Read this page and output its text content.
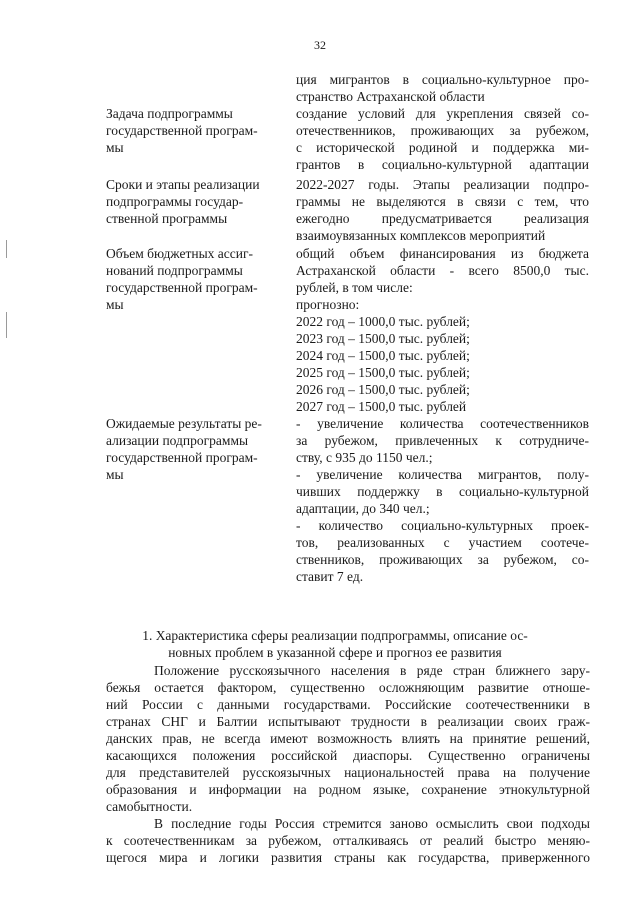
32

ция мигрантов в социально-культурное про-
странство Астраханской области

Задача подпрограммы
государственной програм-
мы

создание условий для укрепления связей со-
отечественников, проживающих за рубежом,
с исторической родиной и поддержка ми-
грантов в социально-культурной адаптации

Сроки и этапы реализации
подпрограммы государ-
ственной программы

2022-2027 годы. Этапы реализации подпро-
граммы не выделяются в связи с тем, что
ежегодно предусматривается реализация
взаимоувязанных комплексов мероприятий

Объем бюджетных ассиг-
нований подпрограммы
государственной програм-
мы

общий объем финансирования из бюджета
Астраханской области - всего 8500,0 тыс.
рублей, в том числе:
прогнозно:
2022 год – 1000,0 тыс. рублей;
2023 год – 1500,0 тыс. рублей;
2024 год – 1500,0 тыс. рублей;
2025 год – 1500,0 тыс. рублей;
2026 год – 1500,0 тыс. рублей;
2027 год – 1500,0 тыс. рублей

Ожидаемые результаты ре-
ализации подпрограммы
государственной програм-
мы

- увеличение количества соотечественников
за рубежом, привлеченных к сотрудниче-
ству, с 935 до 1150 чел.;
- увеличение количества мигрантов, полу-
чивших поддержку в социально-культурной
адаптации, до 340 чел.;
- количество социально-культурных проек-
тов, реализованных с участием соотече-
ственников, проживающих за рубежом, со-
ставит 7 ед.

1. Характеристика сферы реализации подпрограммы, описание ос-
новных проблем в указанной сфере и прогноз ее развития

Положение русскоязычного населения в ряде стран ближнего зару-
бежья остается фактором, существенно осложняющим развитие отноше-
ний России с данными государствами. Российские соотечественники в
странах СНГ и Балтии испытывают трудности в реализации своих граж-
данских прав, не всегда имеют возможность влиять на принятие решений,
касающихся положения российской диаспоры. Существенно ограничены
для представителей русскоязычных национальностей права на получение
образования и информации на родном языке, сохранение этнокультурной
самобытности.

В последние годы Россия стремится заново осмыслить свои подходы
к соотечественникам за рубежом, отталкиваясь от реалий быстро меняю-
щегося мира и логики развития страны как государства, приверженного
